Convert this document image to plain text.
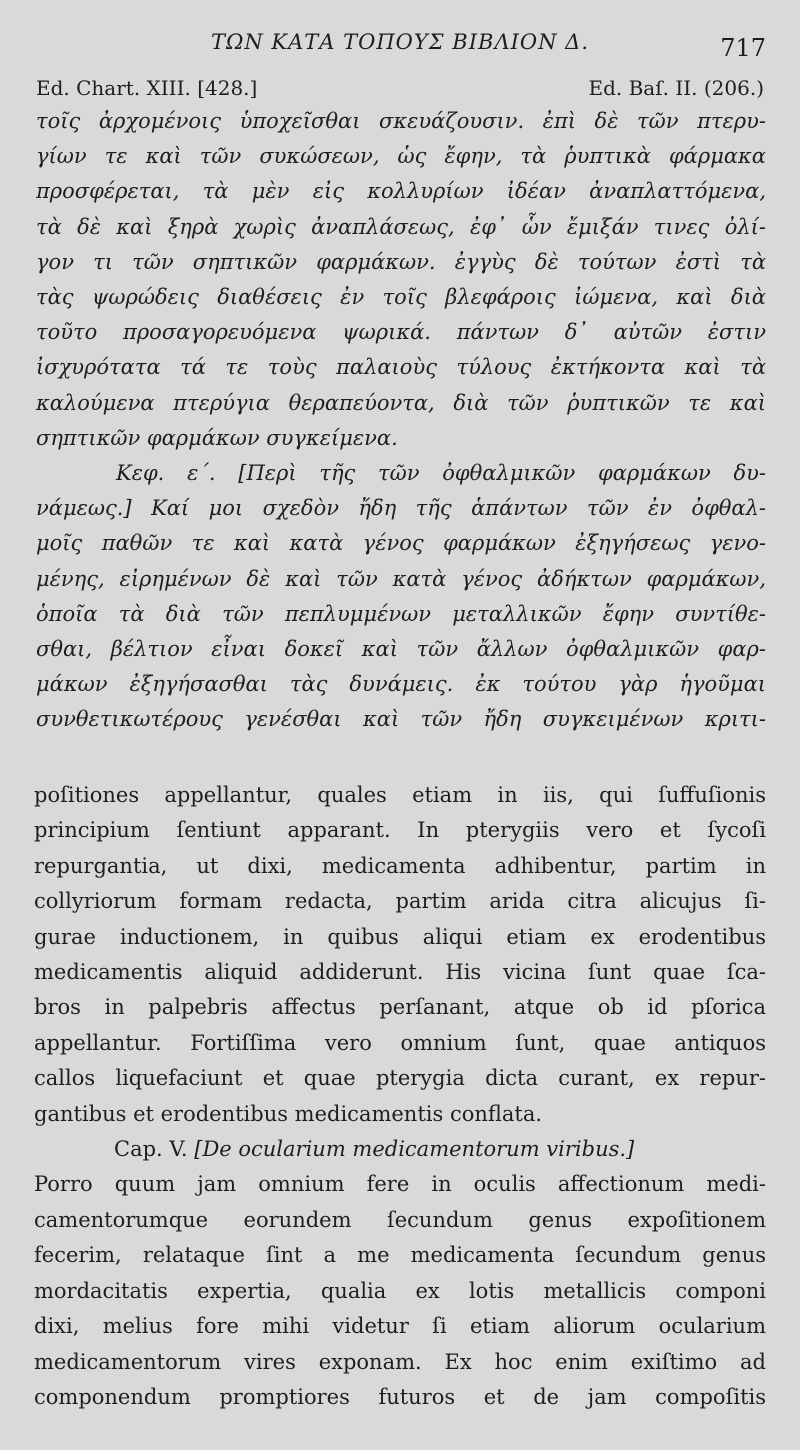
ΤΩΝ ΚΑΤΑ ΤΟΠΟΥΣ ΒΙΒΛΙΟΝ Δ.	717
Ed. Chart. XIII. [428.]	Ed. Baſ. II. (206.)
τοῖς ἀρχομένοις ὑποχεῖσθαι σκευάζουσιν. ἐπὶ δὲ τῶν πτερυ-
γίων τε καὶ τῶν συκώσεων, ὡς ἔφην, τὰ ῥυπτικὰ φάρμακα
προσφέρεται, τὰ μὲν εἰς κολλυρίων ἰδέαν ἀναπλαττόμενα,
τὰ δὲ καὶ ξηρὰ χωρὶς ἀναπλάσεως, ἐφ᾽ ὧν ἔμιξάν τινες ὀλί-
γον τι τῶν σηπτικῶν φαρμάκων. ἐγγὺς δὲ τούτων ἐστὶ τὰ
τὰς ψωρώδεις διαθέσεις ἐν τοῖς βλεφάροις ἰώμενα, καὶ διὰ
τοῦτο προσαγορευόμενα ψωρικά. πάντων δ᾽ αὐτῶν ἐστιν
ἰσχυρότατα τά τε τοὺς παλαιοὺς τύλους ἐκτήκοντα καὶ τὰ
καλούμενα πτερύγια θεραπεύοντα, διὰ τῶν ῥυπτικῶν τε καὶ
σηπτικῶν φαρμάκων συγκείμενα.
Κεφ. ε΄. [Περὶ τῆς τῶν ὀφθαλμικῶν φαρμάκων δυ-
νάμεως.] Καί μοι σχεδὸν ἤδη τῆς ἁπάντων τῶν ἐν ὀφθαλ-
μοῖς παθῶν τε καὶ κατὰ γένος φαρμάκων ἐξηγήσεως γενο-
μένης, εἰρημένων δὲ καὶ τῶν κατὰ γένος ἀδήκτων φαρμάκων,
ὁποῖα τὰ διὰ τῶν πεπλυμμένων μεταλλικῶν ἔφην συντίθε-
σθαι, βέλτιον εἶναι δοκεῖ καὶ τῶν ἄλλων ὀφθαλμικῶν φαρ-
μάκων ἐξηγήσασθαι τὰς δυνάμεις. ἐκ τούτου γὰρ ἡγοῦμαι
συνθετικωτέρους γενέσθαι καὶ τῶν ἤδη συγκειμένων κριτι-
poſitiones appellantur, quales etiam in iis, qui ſuffuſionis
principium ſentiunt apparant. In pterygiis vero et ſycoſi
repurgantia, ut dixi, medicamenta adhibentur, partim in
collyriorum formam redacta, partim arida citra alicujus ſi-
gurae inductionem, in quibus aliqui etiam ex erodentibus
medicamentis aliquid addiderunt. His vicina ſunt quae ſca-
bros in palpebris affectus perſanant, atque ob id pſorica
appellantur. Fortiſſima vero omnium ſunt, quae antiquos
callos liquefaciunt et quae pterygia dicta curant, ex repur-
gantibus et erodentibus medicamentis conflata.
Cap. V. [De ocularium medicamentorum viribus.]
Porro quum jam omnium fere in oculis affectionum medi-
camentorumque eorundem ſecundum genus expoſitionem
fecerim, relataque ſint a me medicamenta ſecundum genus
mordacitatis expertia, qualia ex lotis metallicis componi
dixi, melius fore mihi videtur ſi etiam aliorum ocularium
medicamentorum vires exponam. Ex hoc enim exiſtimo ad
componendum promptiores futuros et de jam compoſitis
